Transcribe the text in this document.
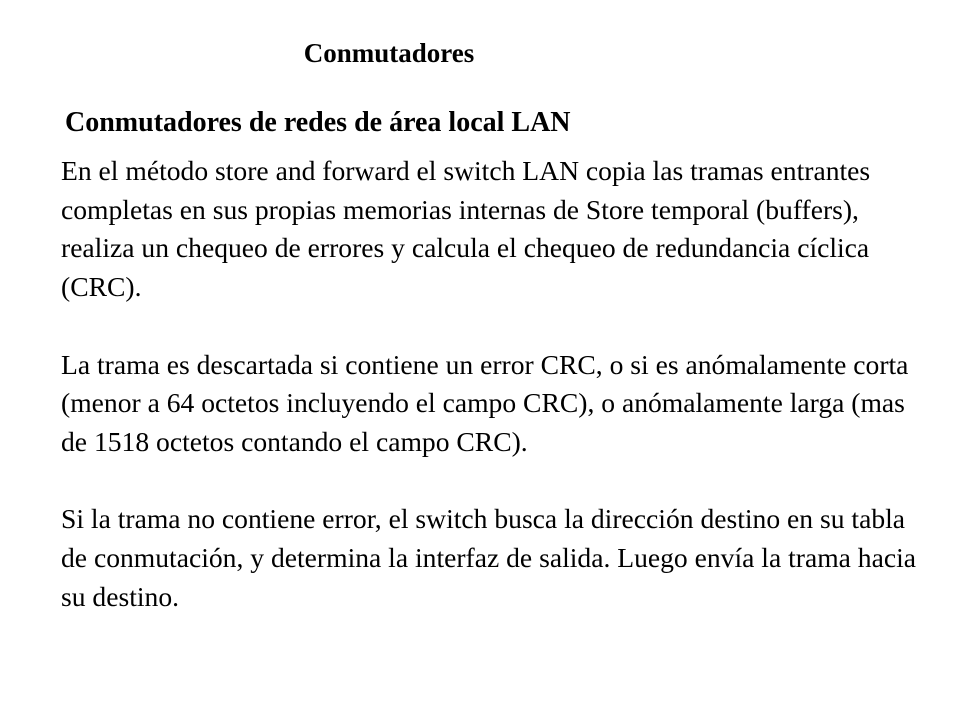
Conmutadores
Conmutadores de redes de área local LAN

En el método store and forward el switch LAN copia las tramas entrantes completas en sus propias memorias internas de Store temporal (buffers), realiza un chequeo de errores y calcula el chequeo de redundancia cíclica (CRC).

La trama es descartada si contiene un error CRC, o si es anómalamente corta (menor a 64 octetos incluyendo el campo CRC), o anómalamente larga (mas de 1518 octetos contando el campo CRC).

Si la trama no contiene error, el switch busca la dirección destino en su tabla de conmutación, y determina la interfaz de salida. Luego envía la trama hacia su destino.
